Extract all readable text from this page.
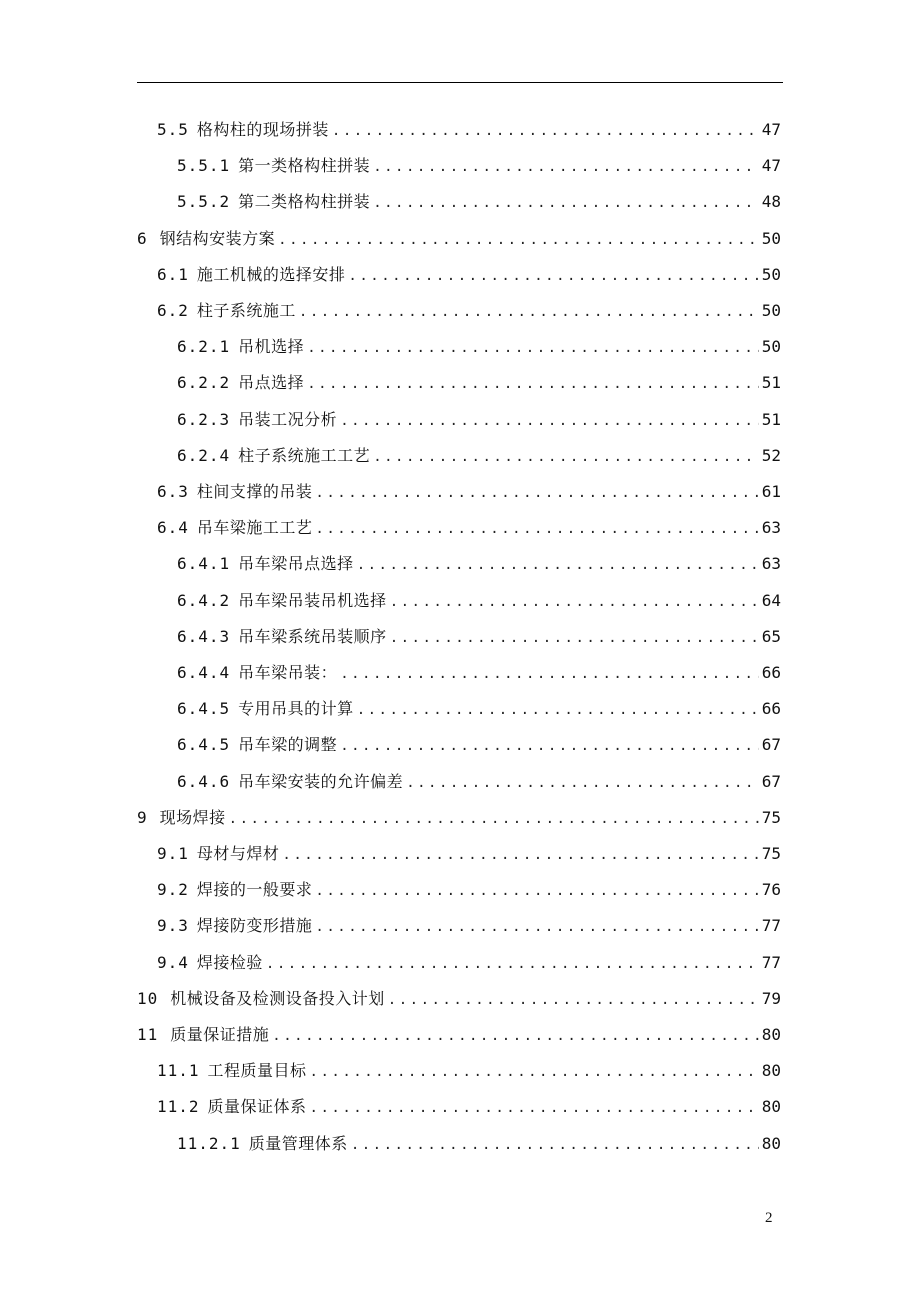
5.5 格构柱的现场拼装 .....	47
5.5.1 第一类格构柱拼装 .....	47
5.5.2 第二类格构柱拼装 .....	48
6 钢结构安装方案 .....	50
6.1 施工机械的选择安排 .....	50
6.2 柱子系统施工 .....	50
6.2.1 吊机选择 .....	50
6.2.2 吊点选择 .....	51
6.2.3 吊装工况分析 .....	51
6.2.4 柱子系统施工工艺 .....	52
6.3 柱间支撑的吊装 .....	61
6.4 吊车梁施工工艺 .....	63
6.4.1 吊车梁吊点选择 .....	63
6.4.2 吊车梁吊装吊机选择 .....	64
6.4.3 吊车梁系统吊装顺序 .....	65
6.4.4 吊车梁吊装： .....	66
6.4.5 专用吊具的计算 .....	66
6.4.5 吊车梁的调整 .....	67
6.4.6 吊车梁安装的允许偏差 .....	67
9 现场焊接 .....	75
9.1 母材与焊材 .....	75
9.2 焊接的一般要求 .....	76
9.3 焊接防变形措施 .....	77
9.4 焊接检验 .....	77
10 机械设备及检测设备投入计划 .....	79
11 质量保证措施 .....	80
11.1 工程质量目标 .....	80
11.2 质量保证体系 .....	80
11.2.1 质量管理体系 .....	80
2
